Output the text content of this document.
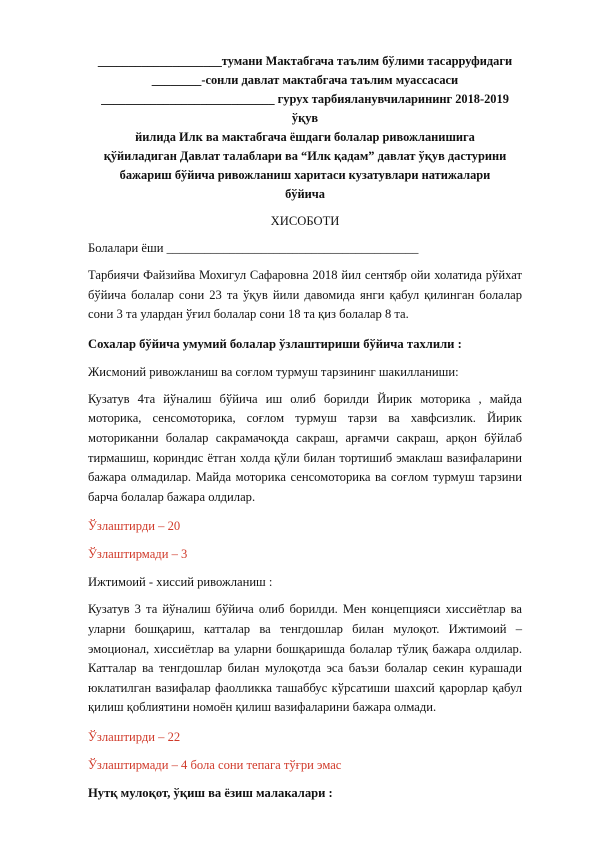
____________________тумани Мактабгача таълим бўлими тасарруфидаги

________-сонли давлат мактабгача таълим муассасаси

____________________________ гурух тарбияланувчиларининг 2018-2019 ўқув

йилида Илк ва мактабгача ёшдаги болалар ривожланишига

қўйиладиган Давлат талаблари ва “Илк қадам” давлат ўқув дастурини

бажариш бўйича ривожланиш харитаси кузатувлари натижалари

бўйича

ХИСОБОТИ

Болалари ёши ________________________________________

Тарбиячи Файзийва Мохигул Сафаровна 2018 йил сентябр ойи холатида рўйхат бўйича болалар сони 23 та ўқув йили давомида янги қабул қилинган болалар сони 3 та улардан ўғил болалар сони 18 та қиз болалар 8 та.

Сохалар бўйича умумий болалар ўзлаштириши бўйича тахлили :

Жисмоний ривожланиш ва соғлом турмуш тарзининг шакилланиши:

Кузатув 4та йўналиш бўйича иш олиб борилди Йирик моторика , майда моторика, сенсомоторика, соғлом турмуш тарзи ва хавфсизлик. Йирик моториканни болалар сакрамачоқда сакраш, арғамчи сакраш, арқон бўйлаб тирмашиш, кориндис ётган холда қўли билан тортишиб эмаклаш вазифаларини бажара олмадилар. Майда моторика сенсомоторика ва соғлом турмуш тарзини барча болалар бажара олдилар.

Ўзлаштирди – 20

Ўзлаштирмади – 3

Ижтимоий - хиссий ривожланиш :

Кузатув 3 та йўналиш бўйича олиб борилди. Мен концепцияси хиссиётлар ва уларни бошқариш, катталар ва тенгдошлар билан мулоқот. Ижтимоий – эмоционал, хиссиётлар ва уларни бошқаришда болалар тўлиқ бажара олдилар. Катталар ва тенгдошлар билан мулоқотда эса баъзи болалар секин курашади юклатилган вазифалар фаолликка ташаббус кўрсатиши шахсий қарорлар қабул қилиш қоблиятини номоён қилиш вазифаларини бажара олмади.

Ўзлаштирди – 22

Ўзлаштирмади – 4 бола сони тепага тўғри эмас

Нутқ мулоқот, ўқиш ва ёзиш малакалари :
